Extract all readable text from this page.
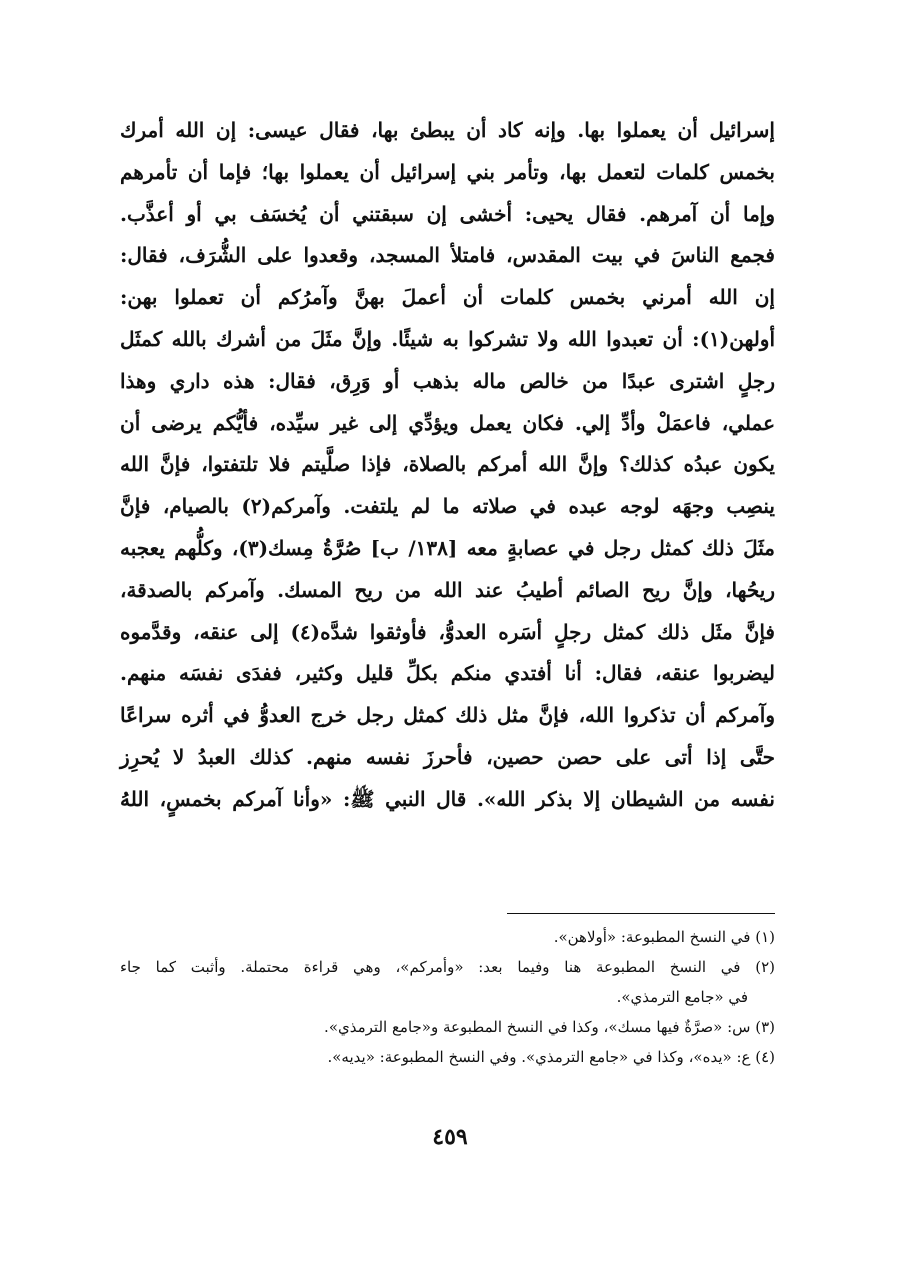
إسرائيل أن يعملوا بها. وإنه كاد أن يبطئ بها، فقال عيسى: إن الله أمرك
بخمس كلمات لتعمل بها، وتأمر بني إسرائيل أن يعملوا بها؛ فإما أن تأمرهم
وإما أن آمرهم. فقال يحيى: أخشى إن سبقتني أن يُخسَف بي أو أعذَّب.
فجمع الناسَ في بيت المقدس، فامتلأ المسجد، وقعدوا على الشُّرَف، فقال:
إن الله أمرني بخمس كلمات أن أعملَ بهنَّ وآمرُكم أن تعملوا بهن:
أولهن(١): أن تعبدوا الله ولا تشركوا به شيئًا. وإنَّ مثَلَ من أشرك بالله كمثَل
رجلٍ اشترى عبدًا من خالص ماله بذهب أو وَرِق، فقال: هذه داري وهذا
عملي، فاعمَلْ وأدِّ إلي. فكان يعمل ويؤدِّي إلى غير سيِّده، فأيُّكم يرضى أن
يكون عبدُه كذلك؟ وإنَّ الله أمركم بالصلاة، فإذا صلَّيتم فلا تلتفتوا، فإنَّ الله
ينصِب وجهَه لوجه عبده في صلاته ما لم يلتفت. وآمركم(٢) بالصيام، فإنَّ
مثَلَ ذلك كمثل رجل في عصابةٍ معه [١٣٨/ ب] صُرَّةُ مِسك(٣)، وكلُّهم يعجبه
ريحُها، وإنَّ ريح الصائم أطيبُ عند الله من ريح المسك. وآمركم بالصدقة،
فإنَّ مثَل ذلك كمثل رجلٍ أسَره العدوُّ، فأوثقوا شدَّه(٤) إلى عنقه، وقدَّموه
ليضربوا عنقه، فقال: أنا أفتدي منكم بكلِّ قليل وكثير، ففدَى نفسَه منهم.
وآمركم أن تذكروا الله، فإنَّ مثل ذلك كمثل رجل خرج العدوُّ في أثره سراعًا
حتَّى إذا أتى على حصن حصين، فأحرزَ نفسه منهم. كذلك العبدُ لا يُحرِز
نفسه من الشيطان إلا بذكر الله». قال النبي ﷺ: «وأنا آمركم بخمسٍ، اللهُ
(١) في النسخ المطبوعة: «أولاهن».
(٢) في النسخ المطبوعة هنا وفيما بعد: «وأمركم»، وهي قراءة محتملة. وأثبت كما جاء
في «جامع الترمذي».
(٣) س: «صرَّةٌ فيها مسك»، وكذا في النسخ المطبوعة و«جامع الترمذي».
(٤) ع: «يده»، وكذا في «جامع الترمذي». وفي النسخ المطبوعة: «يديه».
٤٥٩
